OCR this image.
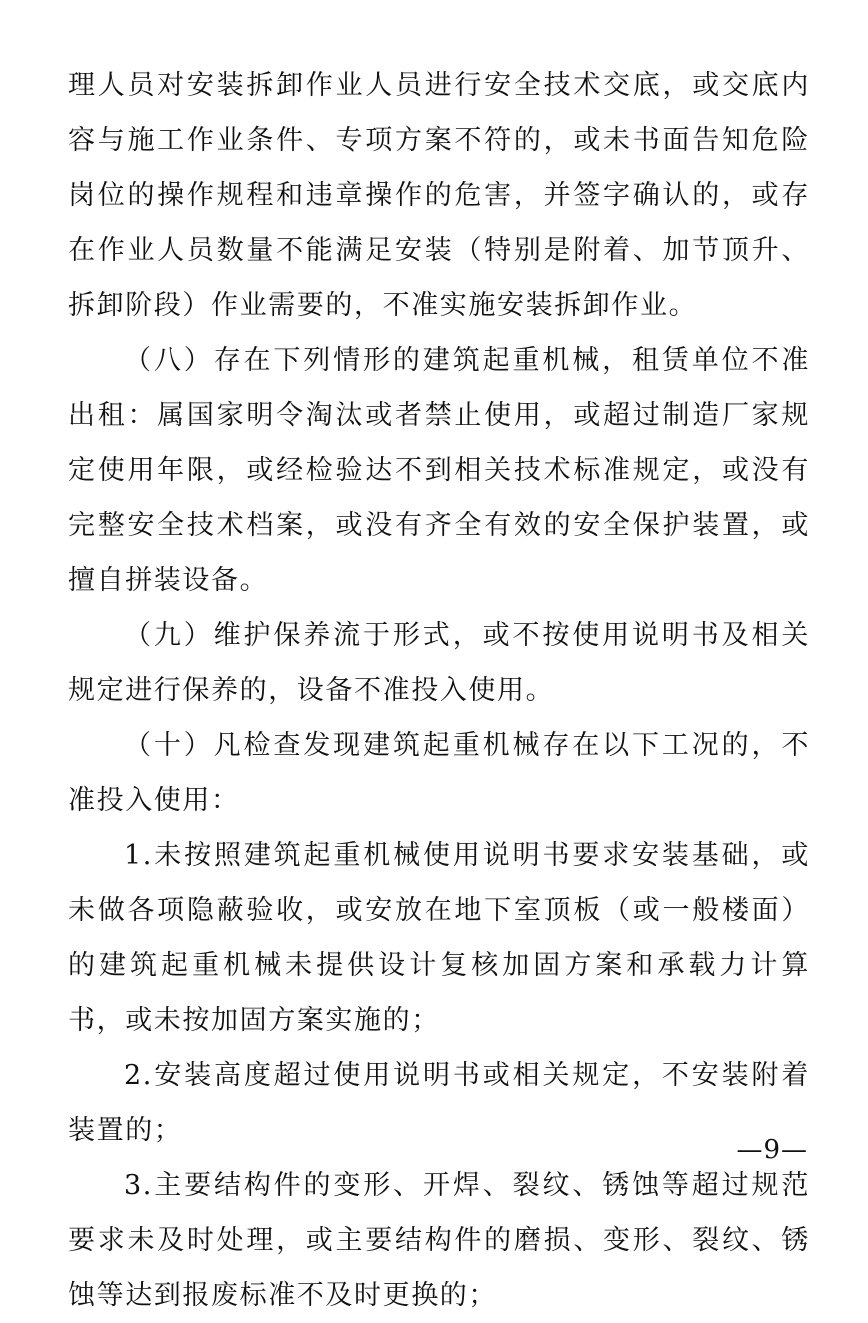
理人员对安装拆卸作业人员进行安全技术交底，或交底内容与施工作业条件、专项方案不符的，或未书面告知危险岗位的操作规程和违章操作的危害，并签字确认的，或存在作业人员数量不能满足安装（特别是附着、加节顶升、拆卸阶段）作业需要的，不准实施安装拆卸作业。

（八）存在下列情形的建筑起重机械，租赁单位不准出租：属国家明令淘汰或者禁止使用，或超过制造厂家规定使用年限，或经检验达不到相关技术标准规定，或没有完整安全技术档案，或没有齐全有效的安全保护装置，或擅自拼装设备。

（九）维护保养流于形式，或不按使用说明书及相关规定进行保养的，设备不准投入使用。

（十）凡检查发现建筑起重机械存在以下工况的，不准投入使用：

1.未按照建筑起重机械使用说明书要求安装基础，或未做各项隐蔽验收，或安放在地下室顶板（或一般楼面）的建筑起重机械未提供设计复核加固方案和承载力计算书，或未按加固方案实施的；

2.安装高度超过使用说明书或相关规定，不安装附着装置的；

3.主要结构件的变形、开焊、裂纹、锈蚀等超过规范要求未及时处理，或主要结构件的磨损、变形、裂纹、锈蚀等达到报废标准不及时更换的；

—9—
